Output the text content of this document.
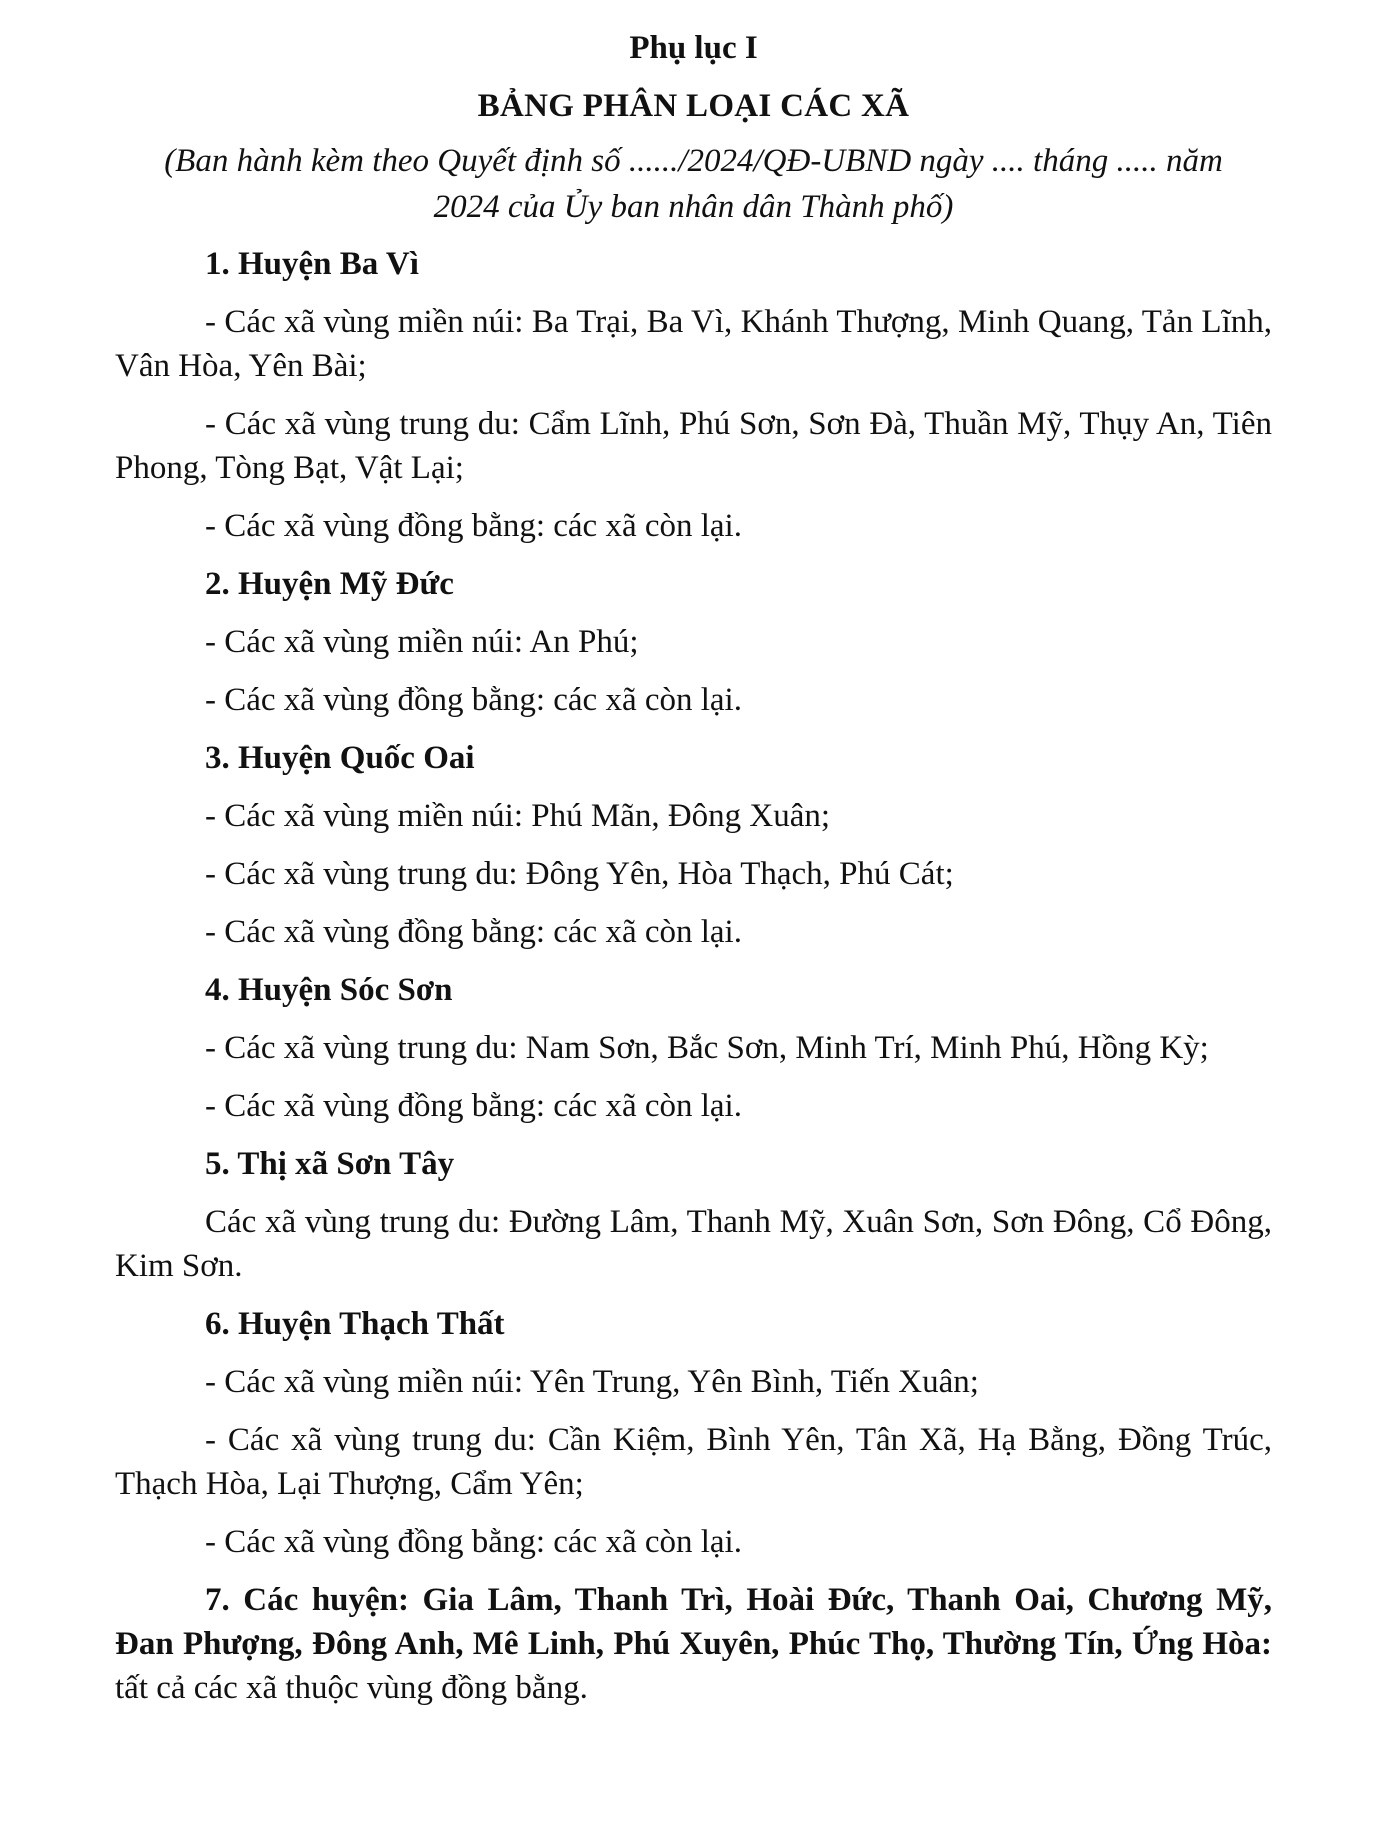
Phụ lục I
BẢNG PHÂN LOẠI CÁC XÃ
(Ban hành kèm theo Quyết định số ....../2024/QĐ-UBND ngày .... tháng ..... năm 2024 của Ủy ban nhân dân Thành phố)
1. Huyện Ba Vì
- Các xã vùng miền núi: Ba Trại, Ba Vì, Khánh Thượng, Minh Quang, Tản Lĩnh, Vân Hòa, Yên Bài;
- Các xã vùng trung du: Cẩm Lĩnh, Phú Sơn, Sơn Đà, Thuần Mỹ, Thụy An, Tiên Phong, Tòng Bạt, Vật Lại;
- Các xã vùng đồng bằng: các xã còn lại.
2. Huyện Mỹ Đức
- Các xã vùng miền núi: An Phú;
- Các xã vùng đồng bằng: các xã còn lại.
3. Huyện Quốc Oai
- Các xã vùng miền núi: Phú Mãn, Đông Xuân;
- Các xã vùng trung du: Đông Yên, Hòa Thạch, Phú Cát;
- Các xã vùng đồng bằng: các xã còn lại.
4. Huyện Sóc Sơn
- Các xã vùng trung du: Nam Sơn, Bắc Sơn, Minh Trí, Minh Phú, Hồng Kỳ;
- Các xã vùng đồng bằng: các xã còn lại.
5. Thị xã Sơn Tây
Các xã vùng trung du: Đường Lâm, Thanh Mỹ, Xuân Sơn, Sơn Đông, Cổ Đông, Kim Sơn.
6. Huyện Thạch Thất
- Các xã vùng miền núi: Yên Trung, Yên Bình, Tiến Xuân;
- Các xã vùng trung du: Cần Kiệm, Bình Yên, Tân Xã, Hạ Bằng, Đồng Trúc, Thạch Hòa, Lại Thượng, Cẩm Yên;
- Các xã vùng đồng bằng: các xã còn lại.
7. Các huyện: Gia Lâm, Thanh Trì, Hoài Đức, Thanh Oai, Chương Mỹ, Đan Phượng, Đông Anh, Mê Linh, Phú Xuyên, Phúc Thọ, Thường Tín, Ứng Hòa: tất cả các xã thuộc vùng đồng bằng.
